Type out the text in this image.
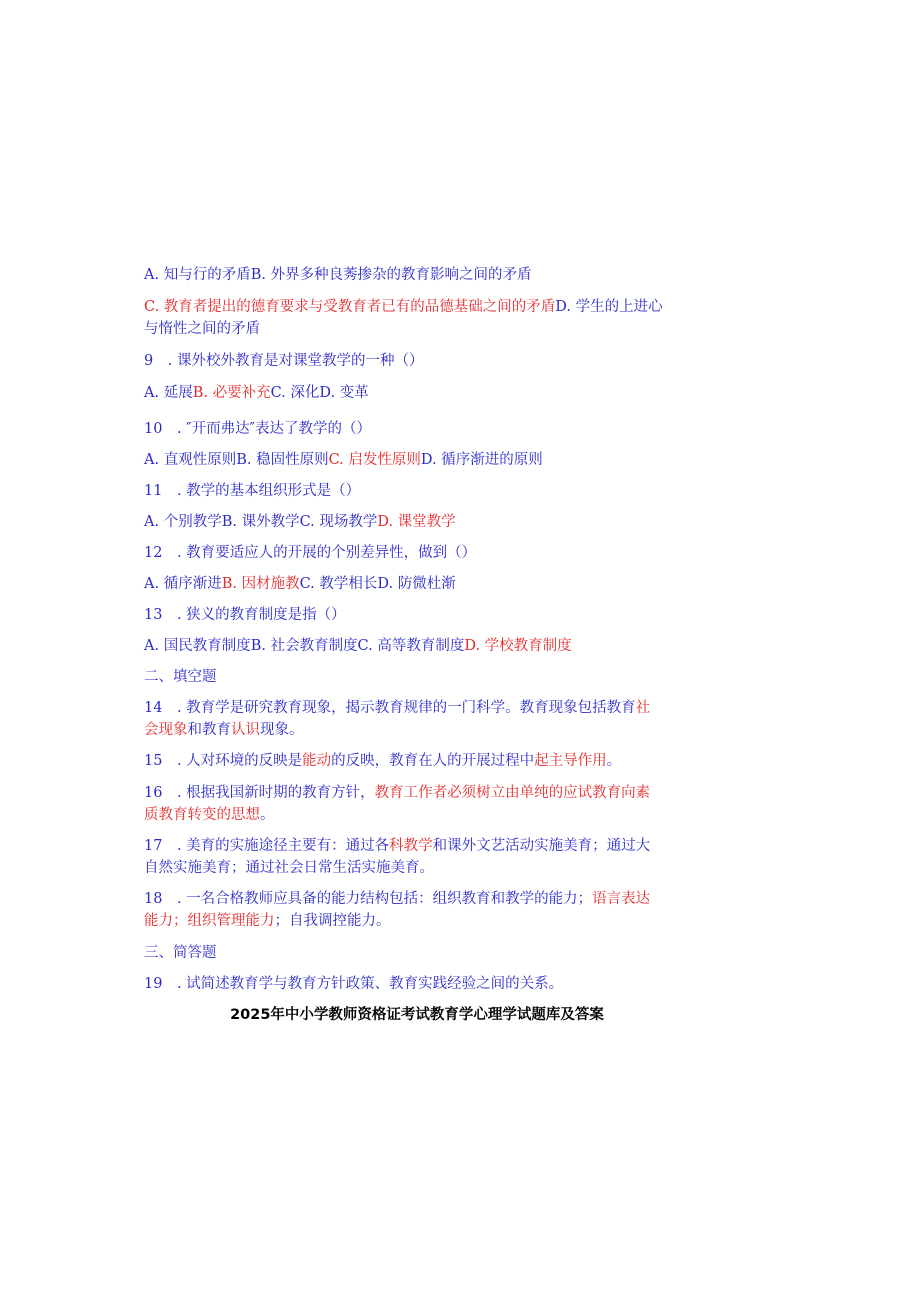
A. 知与行的矛盾B. 外界多种良莠掺杂的教育影响之间的矛盾
C. 教育者提出的德育要求与受教育者已有的品德基础之间的矛盾D. 学生的上进心
与惰性之间的矛盾
9　. 课外校外教育是对课堂教学的一种（）
A. 延展B. 必要补充C. 深化D. 变革
10　. ″开而弗达″表达了教学的（）
A. 直观性原则B. 稳固性原则C. 启发性原则D. 循序渐进的原则
11　. 教学的基本组织形式是（）
A. 个别教学B. 课外教学C. 现场教学D. 课堂教学
12　. 教育要适应人的开展的个别差异性，做到（）
A. 循序渐进B. 因材施教C. 教学相长D. 防微杜渐
13　. 狭义的教育制度是指（）
A. 国民教育制度B. 社会教育制度C. 高等教育制度D. 学校教育制度
二、填空题
14　. 教育学是研究教育现象，揭示教育规律的一门科学。教育现象包括教育社
会现象和教育认识现象。
15　. 人对环境的反映是能动的反映，教育在人的开展过程中起主导作用。
16　. 根据我国新时期的教育方针，教育工作者必须树立由单纯的应试教育向素
质教育转变的思想。
17　. 美育的实施途径主要有：通过各科教学和课外文艺活动实施美育；通过大
自然实施美育；通过社会日常生活实施美育。
18　. 一名合格教师应具备的能力结构包括：组织教育和教学的能力；语言表达
能力；组织管理能力；自我调控能力。
三、简答题
19　. 试简述教育学与教育方针政策、教育实践经验之间的关系。
2025年中小学教师资格证考试教育学心理学试题库及答案
